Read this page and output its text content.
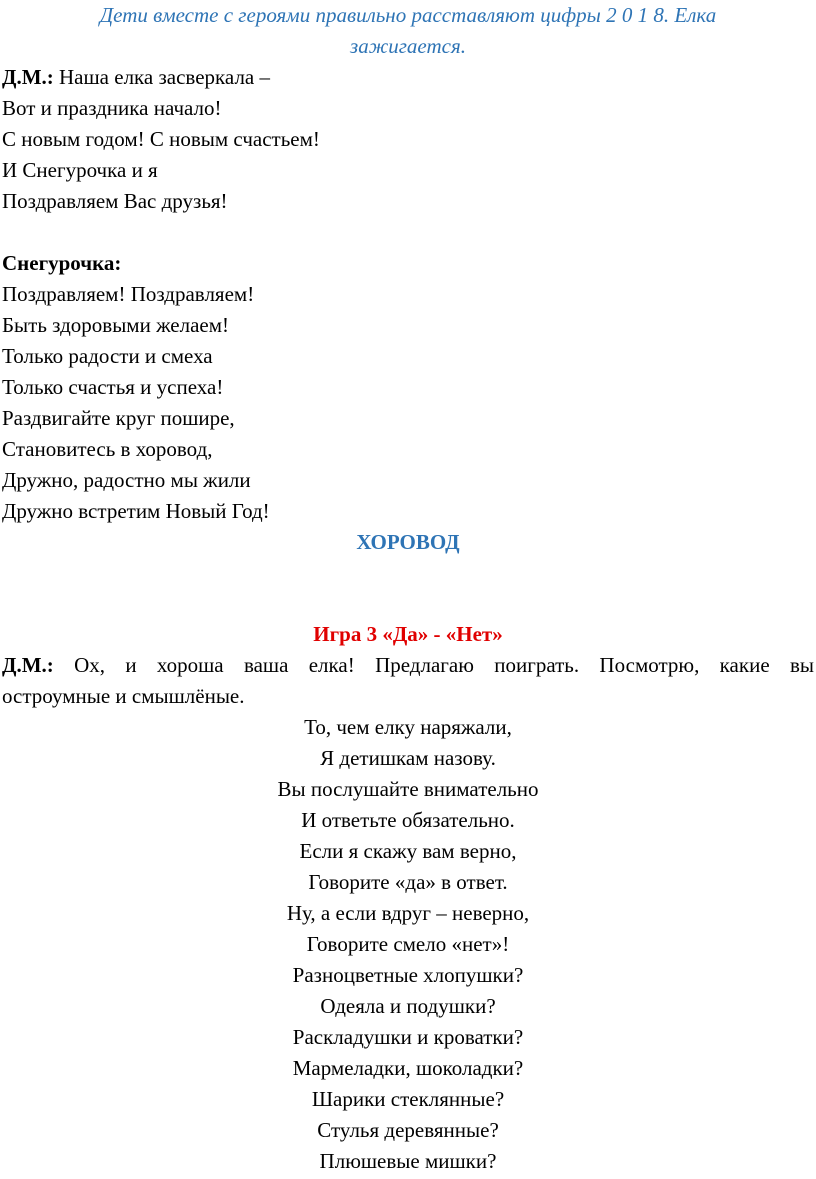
Дети вместе с героями правильно расставляют цифры 2 0 1 8. Елка
зажигается.
Д.М.: Наша елка засверкала –
Вот и праздника начало!
С новым годом! С новым счастьем!
И Снегурочка и я
Поздравляем Вас друзья!
Снегурочка:
Поздравляем! Поздравляем!
Быть здоровыми желаем!
Только радости и смеха
Только счастья и успеха!
Раздвигайте круг пошире,
Становитесь в хоровод,
Дружно, радостно мы жили
Дружно встретим Новый Год!
ХОРОВОД
Игра 3 «Да» - «Нет»
Д.М.: Ох, и хороша ваша елка! Предлагаю поиграть. Посмотрю, какие вы
остроумные и смышлёные.
То, чем елку наряжали,
Я детишкам назову.
Вы послушайте внимательно
И ответьте обязательно.
Если я скажу вам верно,
Говорите «да» в ответ.
Ну, а если вдруг – неверно,
Говорите смело «нет»!
Разноцветные хлопушки?
Одеяла и подушки?
Раскладушки и кроватки?
Мармеладки, шоколадки?
Шарики стеклянные?
Стулья деревянные?
Плюшевые мишки?
